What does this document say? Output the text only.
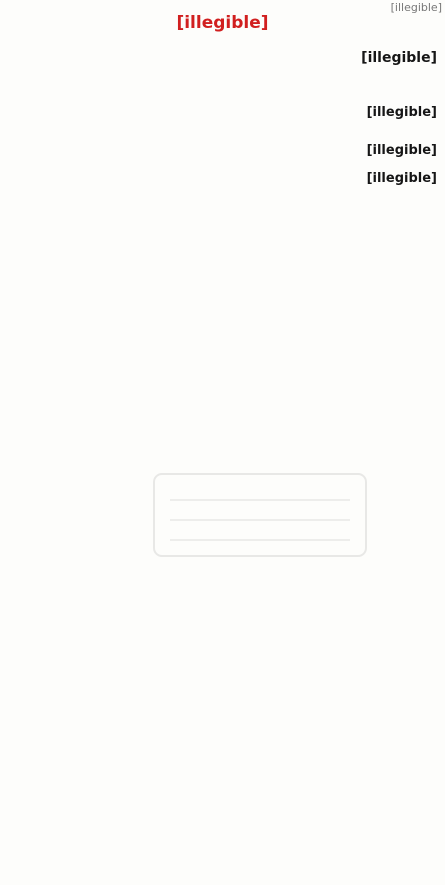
[illegible]
[illegible]

[illegible]

[illegible]

[illegible]
[illegible]
